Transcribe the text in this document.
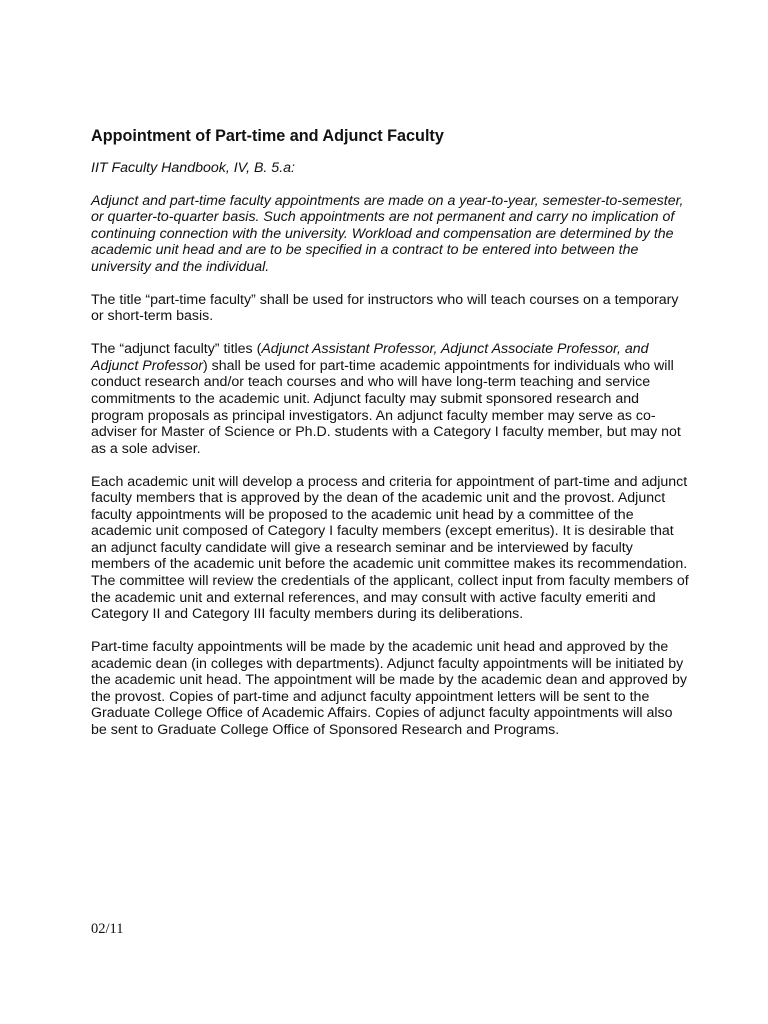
Appointment of Part-time and Adjunct Faculty
IIT Faculty Handbook, IV, B. 5.a:

Adjunct and part-time faculty appointments are made on a year-to-year, semester-to-semester, or quarter-to-quarter basis. Such appointments are not permanent and carry no implication of continuing connection with the university. Workload and compensation are determined by the academic unit head and are to be specified in a contract to be entered into between the university and the individual.

The title “part-time faculty” shall be used for instructors who will teach courses on a temporary or short-term basis.

The “adjunct faculty” titles (Adjunct Assistant Professor, Adjunct Associate Professor, and Adjunct Professor) shall be used for part-time academic appointments for individuals who will conduct research and/or teach courses and who will have long-term teaching and service commitments to the academic unit. Adjunct faculty may submit sponsored research and program proposals as principal investigators. An adjunct faculty member may serve as co-adviser for Master of Science or Ph.D. students with a Category I faculty member, but may not as a sole adviser.

Each academic unit will develop a process and criteria for appointment of part-time and adjunct faculty members that is approved by the dean of the academic unit and the provost. Adjunct faculty appointments will be proposed to the academic unit head by a committee of the academic unit composed of Category I faculty members (except emeritus). It is desirable that an adjunct faculty candidate will give a research seminar and be interviewed by faculty members of the academic unit before the academic unit committee makes its recommendation. The committee will review the credentials of the applicant, collect input from faculty members of the academic unit and external references, and may consult with active faculty emeriti and Category II and Category III faculty members during its deliberations.

Part-time faculty appointments will be made by the academic unit head and approved by the academic dean (in colleges with departments). Adjunct faculty appointments will be initiated by the academic unit head. The appointment will be made by the academic dean and approved by the provost. Copies of part-time and adjunct faculty appointment letters will be sent to the Graduate College Office of Academic Affairs. Copies of adjunct faculty appointments will also be sent to Graduate College Office of Sponsored Research and Programs.

02/11
